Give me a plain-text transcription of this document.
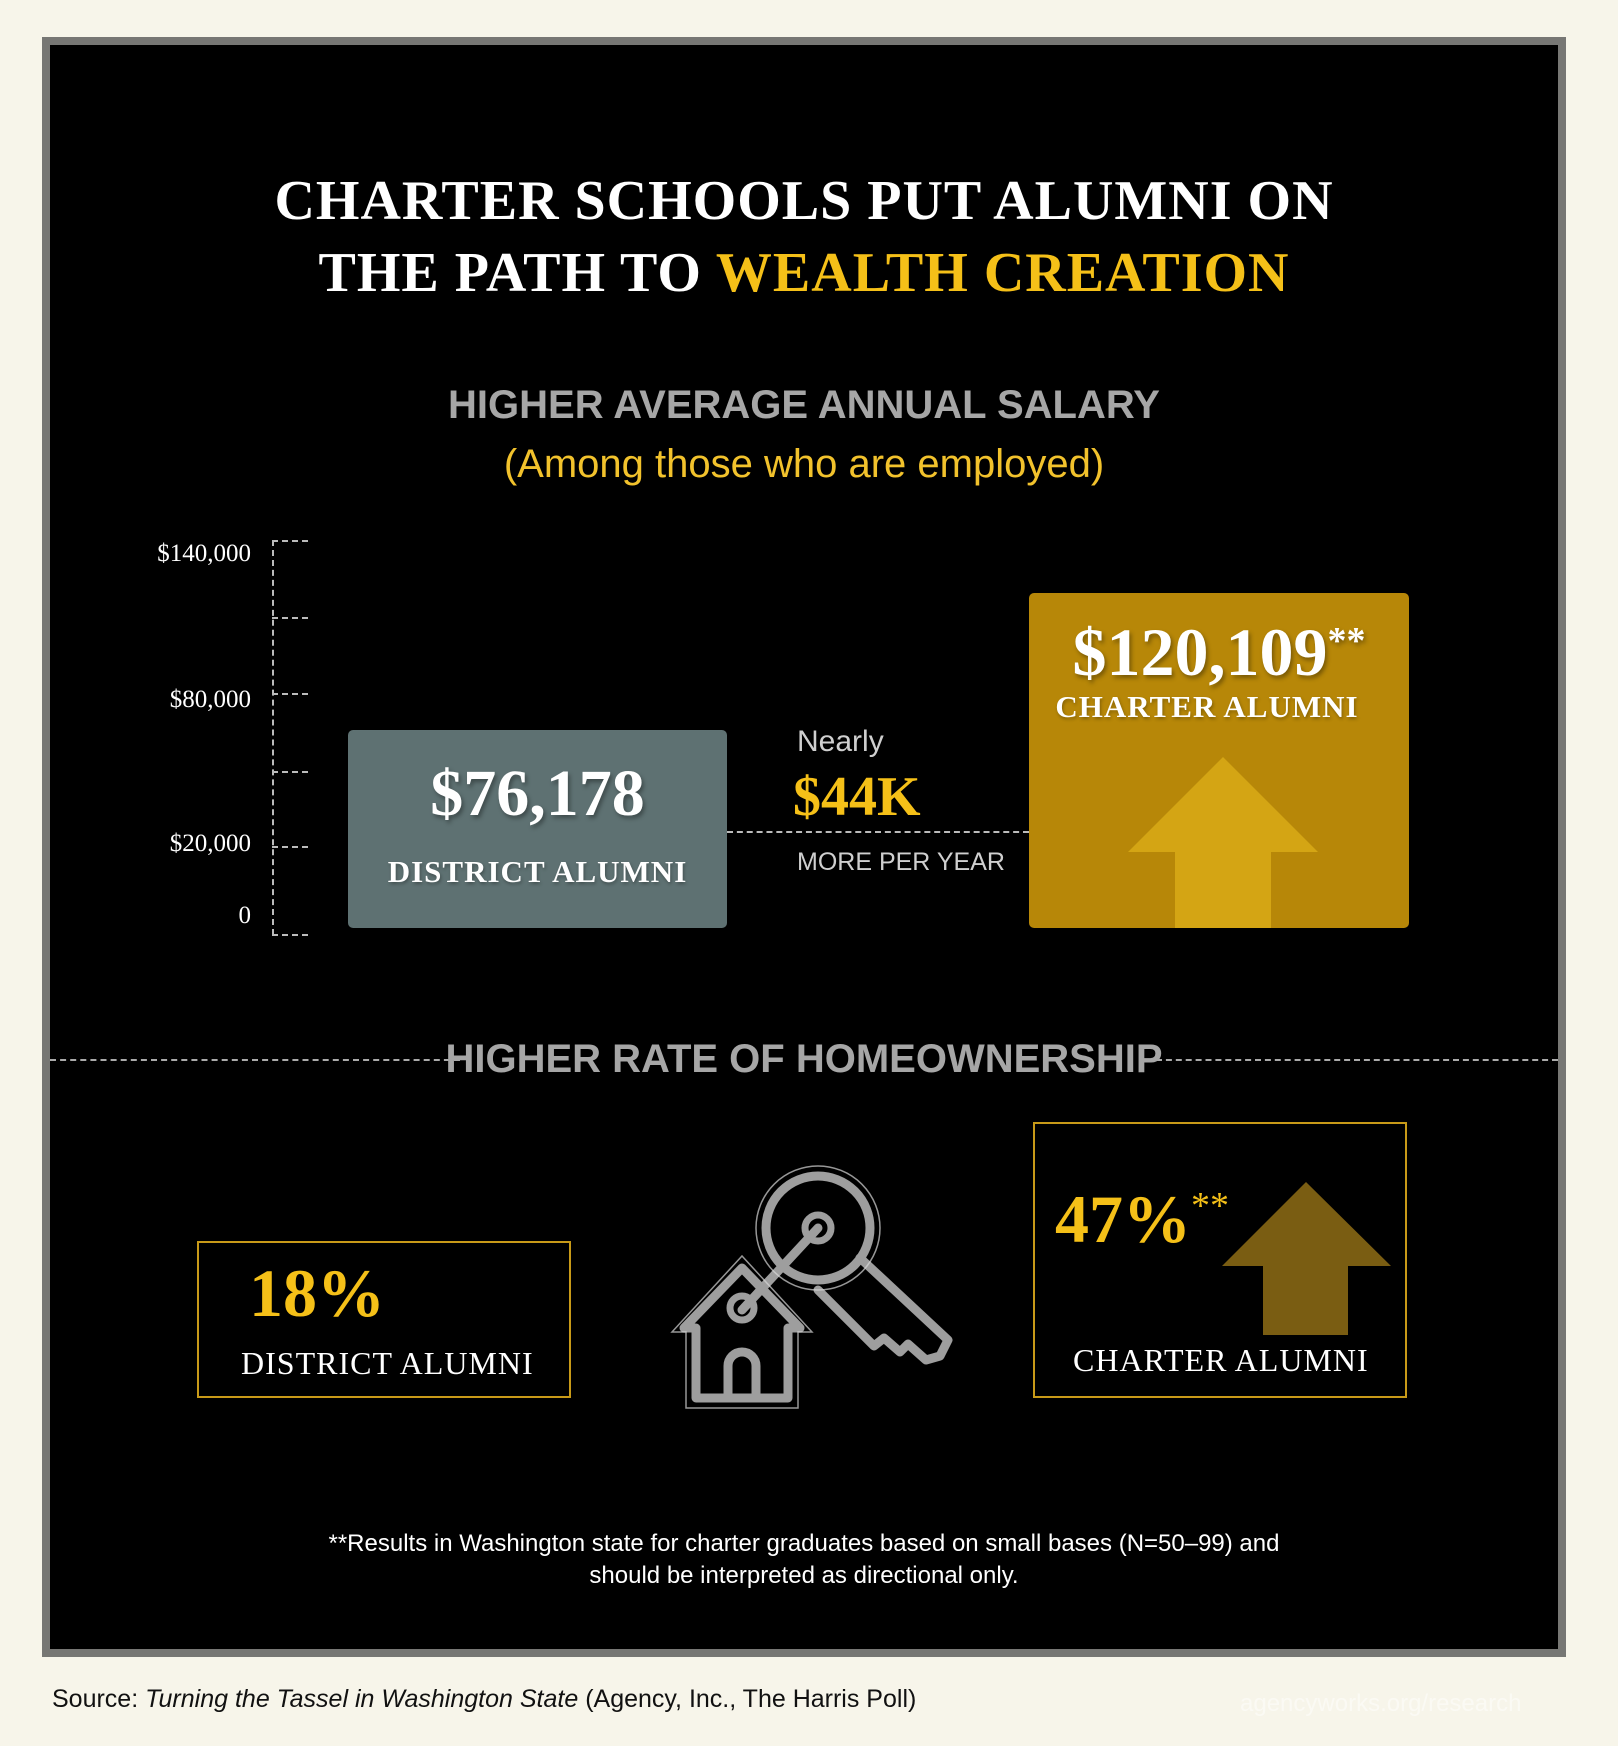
CHARTER SCHOOLS PUT ALUMNI ON
THE PATH TO WEALTH CREATION
HIGHER AVERAGE ANNUAL SALARY
(Among those who are employed)
$140,000
$80,000
$20,000
0
$76,178
DISTRICT ALUMNI
Nearly
$44K
MORE PER YEAR
$120,109**
CHARTER ALUMNI
HIGHER RATE OF HOMEOWNERSHIP
18%
DISTRICT ALUMNI
47%**
CHARTER ALUMNI
**Results in Washington state for charter graduates based on small bases (N=50–99) and
should be interpreted as directional only.
Source: Turning the Tassel in Washington State (Agency, Inc., The Harris Poll)	agencyworks.org/research
